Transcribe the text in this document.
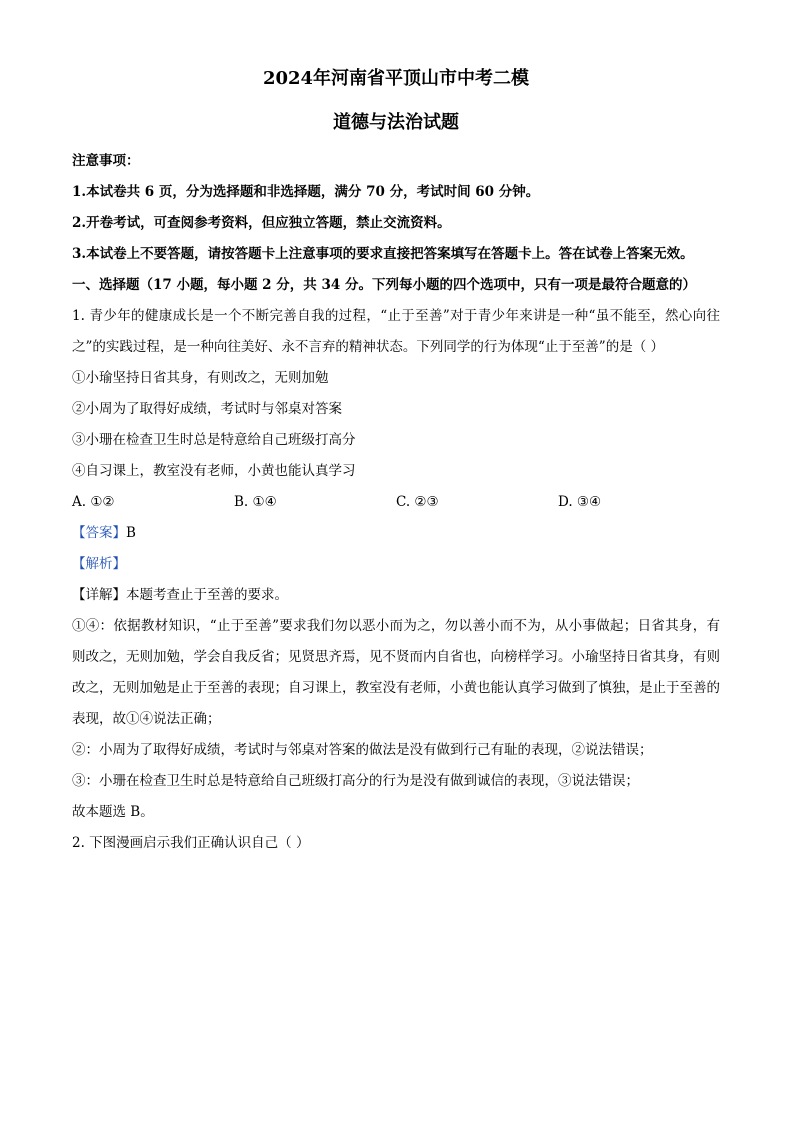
2024年河南省平顶山市中考二模
道德与法治试题

注意事项：

1.本试卷共 6 页，分为选择题和非选择题，满分 70 分，考试时间 60 分钟。

2.开卷考试，可查阅参考资料，但应独立答题，禁止交流资料。

3.本试卷上不要答题，请按答题卡上注意事项的要求直接把答案填写在答题卡上。答在试卷上答案无效。

一、选择题（17 小题，每小题 2 分，共 34 分。下列每小题的四个选项中，只有一项是最符合题意的）

1. 青少年的健康成长是一个不断完善自我的过程，“止于至善”对于青少年来讲是一种“虽不能至，然心向往之”的实践过程，是一种向往美好、永不言弃的精神状态。下列同学的行为体现“止于至善”的是（ ）

①小瑜坚持日省其身，有则改之，无则加勉

②小周为了取得好成绩，考试时与邻桌对答案

③小珊在检查卫生时总是特意给自己班级打高分

④自习课上，教室没有老师，小黄也能认真学习

A. ①②	B. ①④	C. ②③	D. ③④

【答案】B

【解析】

【详解】本题考查止于至善的要求。

①④：依据教材知识，“止于至善”要求我们勿以恶小而为之，勿以善小而不为，从小事做起；日省其身，有则改之，无则加勉，学会自我反省；见贤思齐焉，见不贤而内自省也，向榜样学习。小瑜坚持日省其身，有则改之，无则加勉是止于至善的表现；自习课上，教室没有老师，小黄也能认真学习做到了慎独，是止于至善的表现，故①④说法正确；

②：小周为了取得好成绩，考试时与邻桌对答案的做法是没有做到行己有耻的表现，②说法错误；

③：小珊在检查卫生时总是特意给自己班级打高分的行为是没有做到诚信的表现，③说法错误；

故本题选 B。

2. 下图漫画启示我们正确认识自己（ ）
